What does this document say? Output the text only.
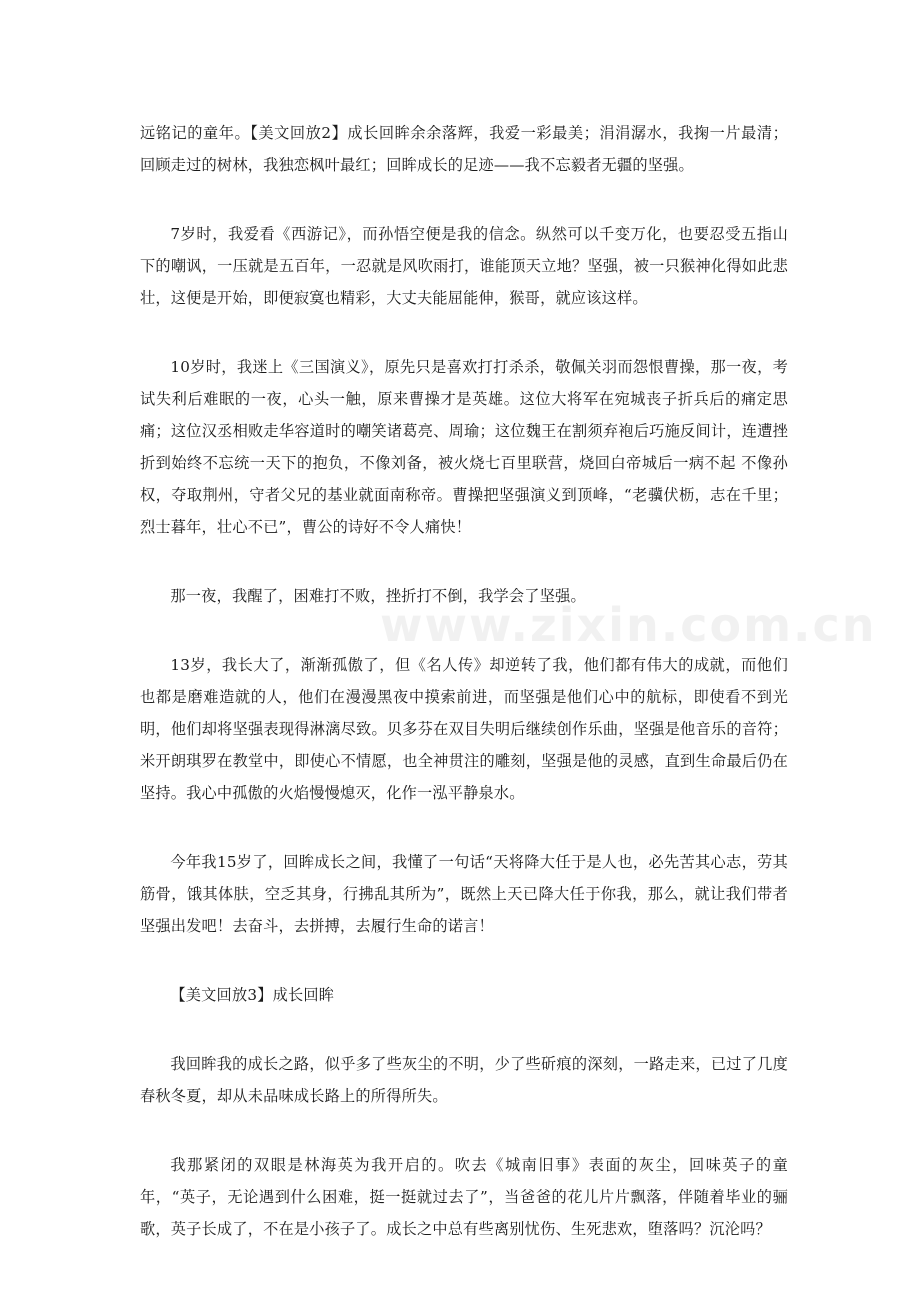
远铭记的童年。【美文回放2】成长回眸余余落辉，我爱一彩最美；涓涓潺水，我掬一片最清；回顾走过的树林，我独恋枫叶最红；回眸成长的足迹——我不忘毅者无疆的坚强。

7岁时，我爱看《西游记》，而孙悟空便是我的信念。纵然可以千变万化，也要忍受五指山下的嘲讽，一压就是五百年，一忍就是风吹雨打，谁能顶天立地？坚强，被一只猴神化得如此悲壮，这便是开始，即便寂寞也精彩，大丈夫能屈能伸，猴哥，就应该这样。

10岁时，我迷上《三国演义》，原先只是喜欢打打杀杀，敬佩关羽而怨恨曹操，那一夜，考试失利后难眠的一夜，心头一触，原来曹操才是英雄。这位大将军在宛城丧子折兵后的痛定思痛；这位汉丞相败走华容道时的嘲笑诸葛亮、周瑜；这位魏王在割须弃袍后巧施反间计，连遭挫折到始终不忘统一天下的抱负，不像刘备，被火烧七百里联营，烧回白帝城后一病不起 不像孙权，夺取荆州，守者父兄的基业就面南称帝。曹操把坚强演义到顶峰，“老骥伏枥，志在千里；烈士暮年，壮心不已”，曹公的诗好不令人痛快！

那一夜，我醒了，困难打不败，挫折打不倒，我学会了坚强。

13岁，我长大了，渐渐孤傲了，但《名人传》却逆转了我，他们都有伟大的成就，而他们也都是磨难造就的人，他们在漫漫黑夜中摸索前进，而坚强是他们心中的航标，即使看不到光明，他们却将坚强表现得淋漓尽致。贝多芬在双目失明后继续创作乐曲，坚强是他音乐的音符；米开朗琪罗在教堂中，即使心不情愿，也全神贯注的雕刻，坚强是他的灵感，直到生命最后仍在坚持。我心中孤傲的火焰慢慢熄灭，化作一泓平静泉水。

今年我15岁了，回眸成长之间，我懂了一句话“天将降大任于是人也，必先苦其心志，劳其筋骨，饿其体肤，空乏其身，行拂乱其所为”，既然上天已降大任于你我，那么，就让我们带者坚强出发吧！去奋斗，去拼搏，去履行生命的诺言！

【美文回放3】成长回眸

我回眸我的成长之路，似乎多了些灰尘的不明，少了些斫痕的深刻，一路走来，已过了几度春秋冬夏，却从未品味成长路上的所得所失。

我那紧闭的双眼是林海英为我开启的。吹去《城南旧事》表面的灰尘，回味英子的童年，“英子，无论遇到什么困难，挺一挺就过去了”，当爸爸的花儿片片飘落，伴随着毕业的骊歌，英子长成了，不在是小孩子了。成长之中总有些离别忧伤、生死悲欢，堕落吗？沉沦吗？

www.zixin.com.cn
